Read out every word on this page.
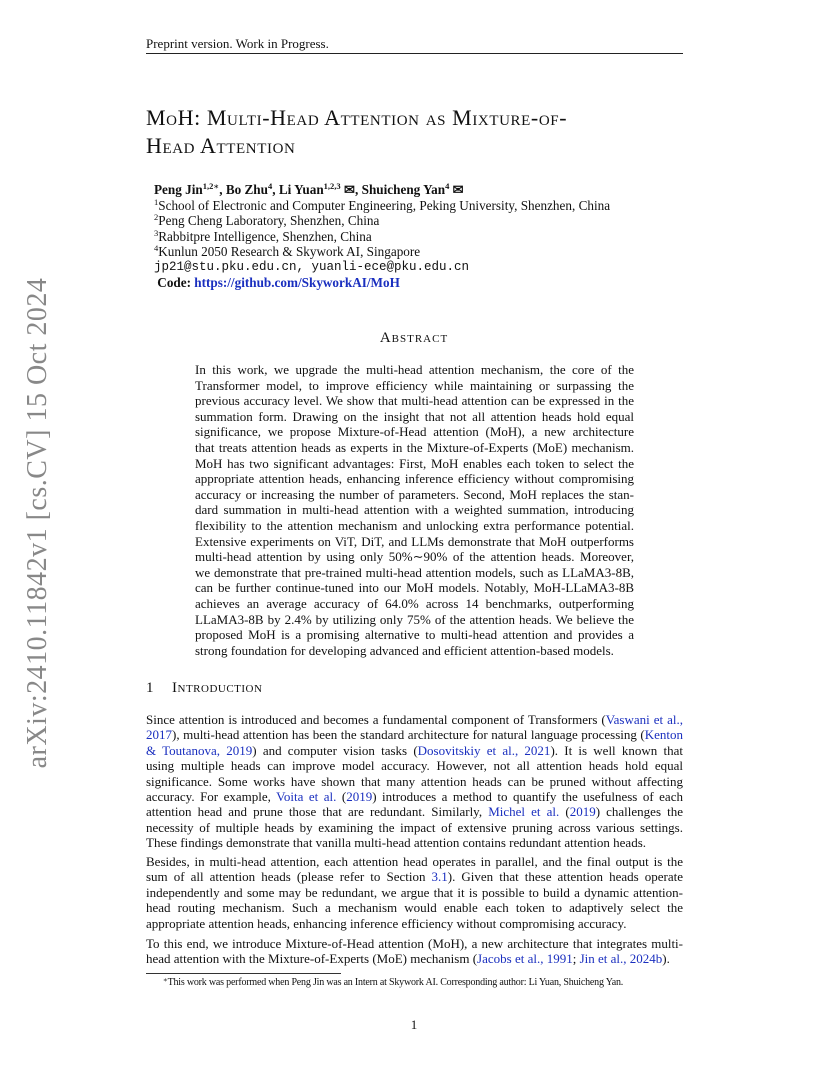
Preprint version. Work in Progress.
arXiv:2410.11842v1 [cs.CV] 15 Oct 2024
MoH: Multi-Head Attention as Mixture-of-
Head Attention
Peng Jin$^{1,2∗}$, Bo Zhu$^4$, Li Yuan$^{1,2,3}$ ✉, Shuicheng Yan$^4$ ✉
$^1$School of Electronic and Computer Engineering, Peking University, Shenzhen, China
$^2$Peng Cheng Laboratory, Shenzhen, China
$^3$Rabbitpre Intelligence, Shenzhen, China
$^4$Kunlun 2050 Research & Skywork AI, Singapore
jp21@stu.pku.edu.cn, yuanli-ece@pku.edu.cn
Code: https://github.com/SkyworkAI/MoH
Abstract
In this work, we upgrade the multi-head attention mechanism, the core of the
Transformer model, to improve efficiency while maintaining or surpassing the
previous accuracy level. We show that multi-head attention can be expressed in the
summation form. Drawing on the insight that not all attention heads hold equal
significance, we propose Mixture-of-Head attention (MoH), a new architecture
that treats attention heads as experts in the Mixture-of-Experts (MoE) mechanism.
MoH has two significant advantages: First, MoH enables each token to select the
appropriate attention heads, enhancing inference efficiency without compromising
accuracy or increasing the number of parameters. Second, MoH replaces the stan-
dard summation in multi-head attention with a weighted summation, introducing
flexibility to the attention mechanism and unlocking extra performance potential.
Extensive experiments on ViT, DiT, and LLMs demonstrate that MoH outperforms
multi-head attention by using only 50%∼90% of the attention heads. Moreover,
we demonstrate that pre-trained multi-head attention models, such as LLaMA3-8B,
can be further continue-tuned into our MoH models. Notably, MoH-LLaMA3-8B
achieves an average accuracy of 64.0% across 14 benchmarks, outperforming
LLaMA3-8B by 2.4% by utilizing only 75% of the attention heads. We believe the
proposed MoH is a promising alternative to multi-head attention and provides a
strong foundation for developing advanced and efficient attention-based models.
1 Introduction
Since attention is introduced and becomes a fundamental component of Transformers (Vaswani et al.,
2017), multi-head attention has been the standard architecture for natural language processing (Kenton
& Toutanova, 2019) and computer vision tasks (Dosovitskiy et al., 2021). It is well known that
using multiple heads can improve model accuracy. However, not all attention heads hold equal
significance. Some works have shown that many attention heads can be pruned without affecting
accuracy. For example, Voita et al. (2019) introduces a method to quantify the usefulness of each
attention head and prune those that are redundant. Similarly, Michel et al. (2019) challenges the
necessity of multiple heads by examining the impact of extensive pruning across various settings.
These findings demonstrate that vanilla multi-head attention contains redundant attention heads.
Besides, in multi-head attention, each attention head operates in parallel, and the final output is the
sum of all attention heads (please refer to Section 3.1). Given that these attention heads operate
independently and some may be redundant, we argue that it is possible to build a dynamic attention-
head routing mechanism. Such a mechanism would enable each token to adaptively select the
appropriate attention heads, enhancing inference efficiency without compromising accuracy.
To this end, we introduce Mixture-of-Head attention (MoH), a new architecture that integrates multi-
head attention with the Mixture-of-Experts (MoE) mechanism (Jacobs et al., 1991; Jin et al., 2024b).
∗This work was performed when Peng Jin was an Intern at Skywork AI. Corresponding author: Li Yuan, Shuicheng Yan.
1
